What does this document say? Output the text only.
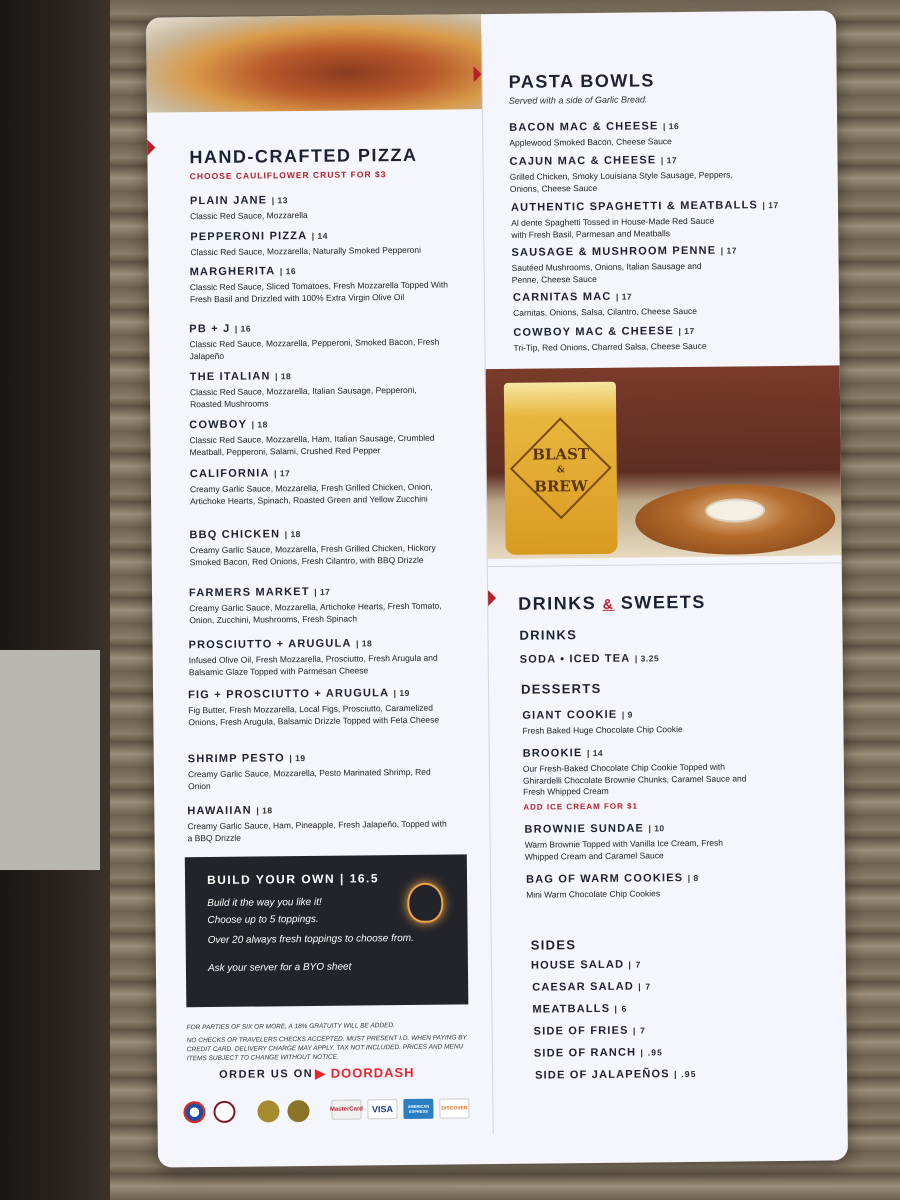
HAND-CRAFTED PIZZA
CHOOSE CAULIFLOWER CRUST FOR $3
PLAIN JANE | 13
Classic Red Sauce, Mozzarella
PEPPERONI PIZZA | 14
Classic Red Sauce, Mozzarella, Naturally Smoked Pepperoni
MARGHERITA | 16
Classic Red Sauce, Sliced Tomatoes, Fresh Mozzarella Topped With Fresh Basil and Drizzled with 100% Extra Virgin Olive Oil
PB + J | 16
Classic Red Sauce, Mozzarella, Pepperoni, Smoked Bacon, Fresh Jalapeño
THE ITALIAN | 18
Classic Red Sauce, Mozzarella, Italian Sausage, Pepperoni, Roasted Mushrooms
COWBOY | 18
Classic Red Sauce, Mozzarella, Ham, Italian Sausage, Crumbled Meatball, Pepperoni, Salami, Crushed Red Pepper
CALIFORNIA | 17
Creamy Garlic Sauce, Mozzarella, Fresh Grilled Chicken, Onion, Artichoke Hearts, Spinach, Roasted Green and Yellow Zucchini
BBQ CHICKEN | 18
Creamy Garlic Sauce, Mozzarella, Fresh Grilled Chicken, Hickory Smoked Bacon, Red Onions, Fresh Cilantro, with BBQ Drizzle
FARMERS MARKET | 17
Creamy Garlic Sauce, Mozzarella, Artichoke Hearts, Fresh Tomato, Onion, Zucchini, Mushrooms, Fresh Spinach
PROSCIUTTO + ARUGULA | 18
Infused Olive Oil, Fresh Mozzarella, Prosciutto, Fresh Arugula and Balsamic Glaze Topped with Parmesan Cheese
FIG + PROSCIUTTO + ARUGULA | 19
Fig Butter, Fresh Mozzarella, Local Figs, Prosciutto, Caramelized Onions, Fresh Arugula, Balsamic Drizzle Topped with Feta Cheese
SHRIMP PESTO | 19
Creamy Garlic Sauce, Mozzarella, Pesto Marinated Shrimp, Red Onion
HAWAIIAN | 18
Creamy Garlic Sauce, Ham, Pineapple, Fresh Jalapeño, Topped with a BBQ Drizzle
BUILD YOUR OWN | 16.5
Build it the way you like it!
Choose up to 5 toppings.
Over 20 always fresh toppings to choose from.
Ask your server for a BYO sheet
FOR PARTIES OF SIX OR MORE, A 18% GRATUITY WILL BE ADDED.
NO CHECKS OR TRAVELERS CHECKS ACCEPTED. MUST PRESENT I.D. WHEN PAYING BY CREDIT CARD. DELIVERY CHARGE MAY APPLY. TAX NOT INCLUDED. PRICES AND MENU ITEMS SUBJECT TO CHANGE WITHOUT NOTICE.
ORDER US ON ▶ DOORDASH
MasterCard VISA	AMERICAN EXPRESS	DISCOVER
PASTA BOWLS
Served with a side of Garlic Bread.
BACON MAC & CHEESE | 16
Applewood Smoked Bacon, Cheese Sauce
CAJUN MAC & CHEESE | 17
Grilled Chicken, Smoky Louisiana Style Sausage, Peppers, Onions, Cheese Sauce
AUTHENTIC SPAGHETTI & MEATBALLS | 17
Al dente Spaghetti Tossed in House-Made Red Sauce with Fresh Basil, Parmesan and Meatballs
SAUSAGE & MUSHROOM PENNE | 17
Sautéed Mushrooms, Onions, Italian Sausage and Penne, Cheese Sauce
CARNITAS MAC | 17
Carnitas, Onions, Salsa, Cilantro, Cheese Sauce
COWBOY MAC & CHEESE | 17
Tri-Tip, Red Onions, Charred Salsa, Cheese Sauce
BLAST
&
BREW
DRINKS & SWEETS
DRINKS
SODA • ICED TEA | 3.25
DESSERTS
GIANT COOKIE | 9
Fresh Baked Huge Chocolate Chip Cookie
BROOKIE | 14
Our Fresh-Baked Chocolate Chip Cookie Topped with Ghirardelli Chocolate Brownie Chunks, Caramel Sauce and Fresh Whipped Cream
ADD ICE CREAM FOR $1
BROWNIE SUNDAE | 10
Warm Brownie Topped with Vanilla Ice Cream, Fresh Whipped Cream and Caramel Sauce
BAG OF WARM COOKIES | 8
Mini Warm Chocolate Chip Cookies
SIDES
HOUSE SALAD | 7
CAESAR SALAD | 7
MEATBALLS | 6
SIDE OF FRIES | 7
SIDE OF RANCH | .95
SIDE OF JALAPEÑOS | .95
